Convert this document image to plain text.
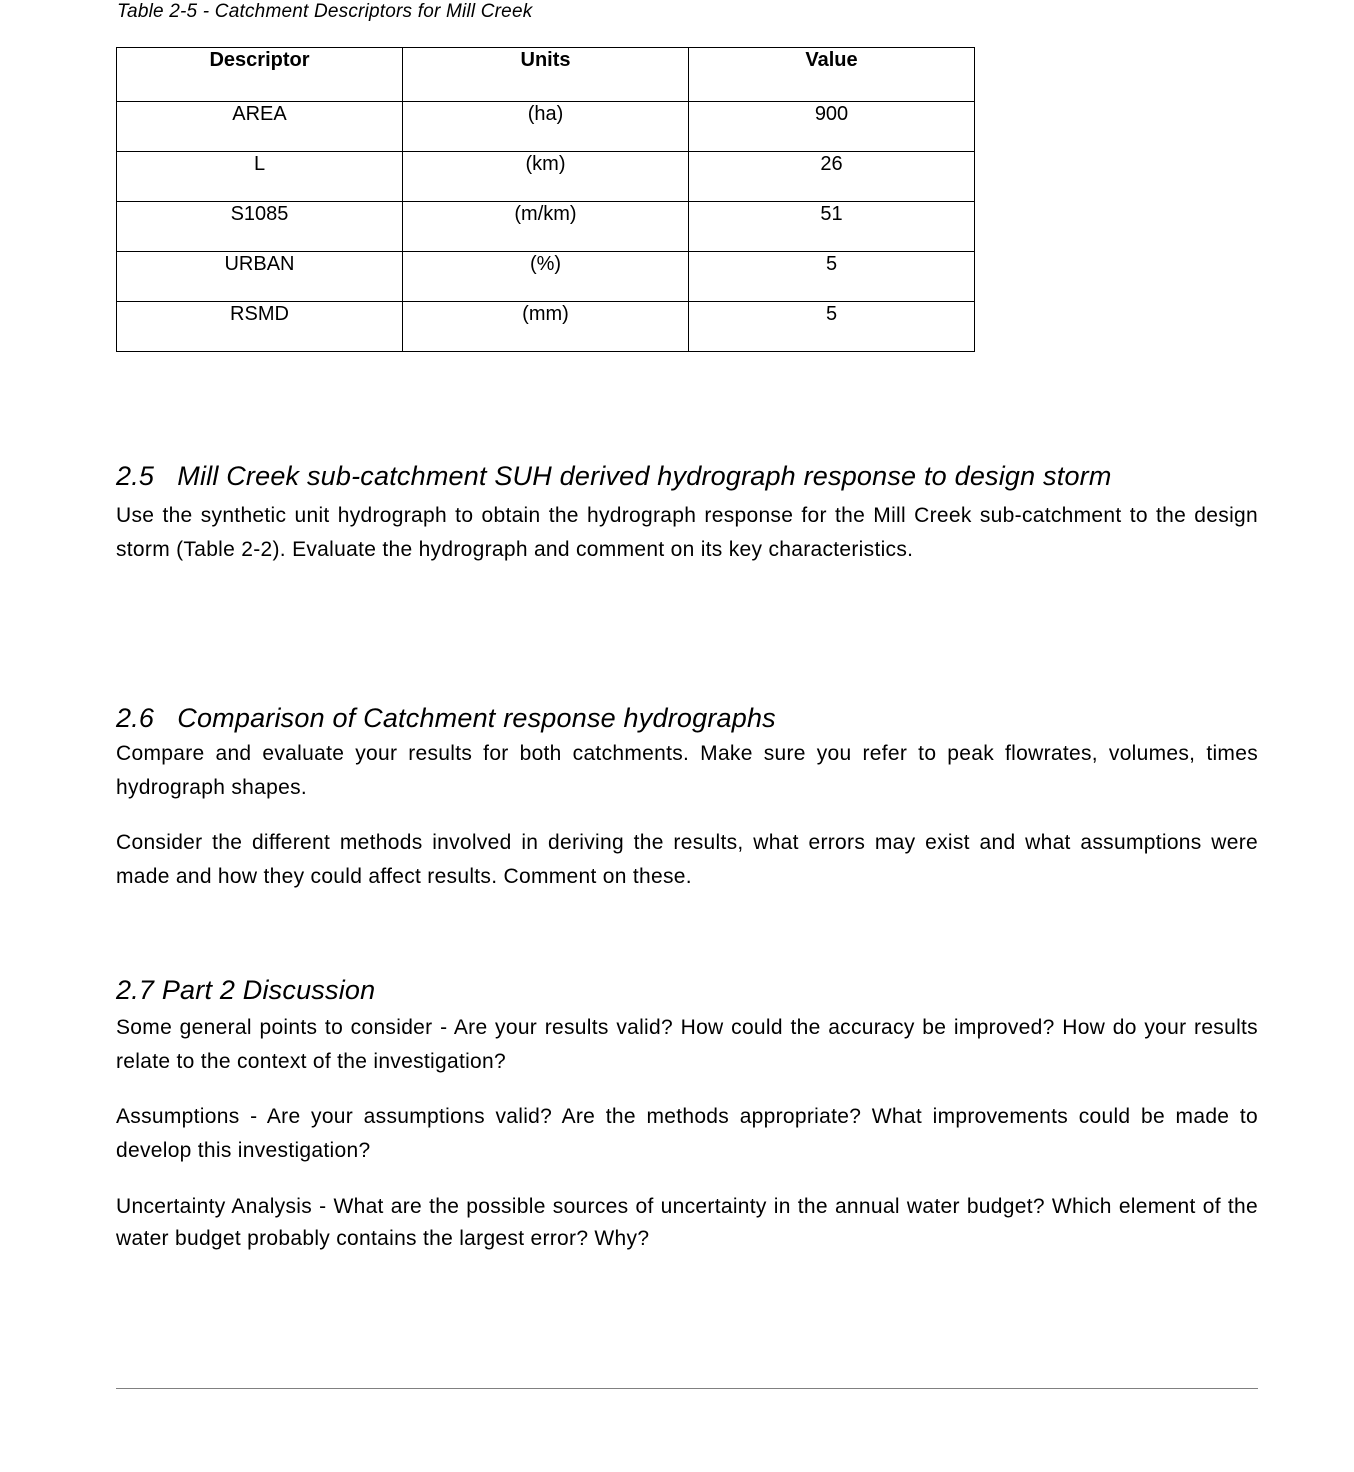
Table 2-5 - Catchment Descriptors for Mill Creek
Descriptor	Units	Value
AREA	(ha)	900
L	(km)	26
S1085	(m/km)	51
URBAN	(%)	5
RSMD	(mm)	5
2.5 Mill Creek sub-catchment SUH derived hydrograph response to design storm

Use the synthetic unit hydrograph to obtain the hydrograph response for the Mill Creek sub-catchment to the design storm (Table 2-2). Evaluate the hydrograph and comment on its key characteristics.

2.6 Comparison of Catchment response hydrographs

Compare and evaluate your results for both catchments. Make sure you refer to peak flowrates, volumes, times hydrograph shapes.

Consider the different methods involved in deriving the results, what errors may exist and what assumptions were made and how they could affect results. Comment on these.

2.7 Part 2 Discussion

Some general points to consider - Are your results valid? How could the accuracy be improved? How do your results relate to the context of the investigation?

Assumptions - Are your assumptions valid? Are the methods appropriate? What improvements could be made to develop this investigation?

Uncertainty Analysis - What are the possible sources of uncertainty in the annual water budget? Which element of the water budget probably contains the largest error? Why?
